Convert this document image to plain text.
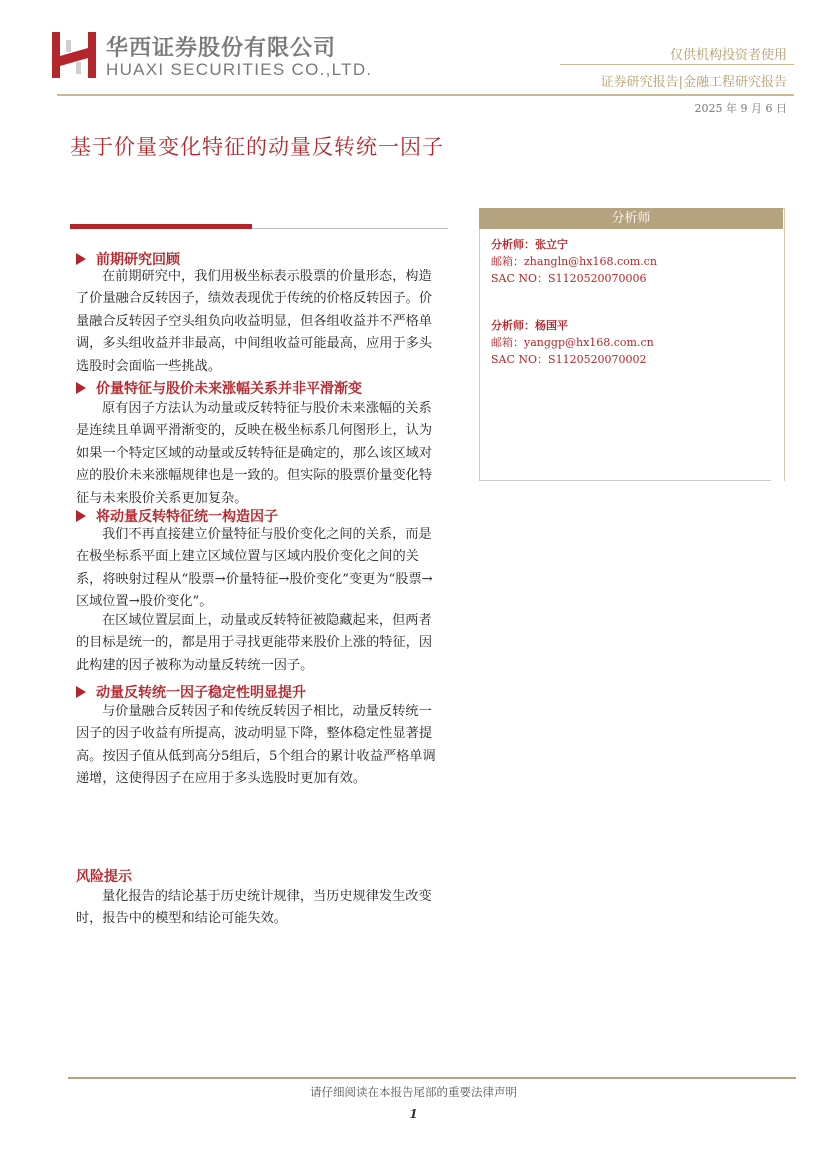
华西证券股份有限公司
HUAXI SECURITIES CO.,LTD.
仅供机构投资者使用
证券研究报告|金融工程研究报告
2025 年 9 月 6 日
基于价量变化特征的动量反转统一因子
前期研究回顾
在前期研究中，我们用极坐标表示股票的价量形态，构造了价量融合反转因子，绩效表现优于传统的价格反转因子。价量融合反转因子空头组负向收益明显，但各组收益并不严格单调，多头组收益并非最高，中间组收益可能最高，应用于多头选股时会面临一些挑战。
价量特征与股价未来涨幅关系并非平滑渐变
原有因子方法认为动量或反转特征与股价未来涨幅的关系是连续且单调平滑渐变的，反映在极坐标系几何图形上，认为如果一个特定区域的动量或反转特征是确定的，那么该区域对应的股价未来涨幅规律也是一致的。但实际的股票价量变化特征与未来股价关系更加复杂。
将动量反转特征统一构造因子
我们不再直接建立价量特征与股价变化之间的关系，而是在极坐标系平面上建立区域位置与区域内股价变化之间的关系，将映射过程从“股票→价量特征→股价变化”变更为“股票→区域位置→股价变化”。
在区域位置层面上，动量或反转特征被隐藏起来，但两者的目标是统一的，都是用于寻找更能带来股价上涨的特征，因此构建的因子被称为动量反转统一因子。
动量反转统一因子稳定性明显提升
与价量融合反转因子和传统反转因子相比，动量反转统一因子的因子收益有所提高，波动明显下降，整体稳定性显著提高。按因子值从低到高分5组后，5个组合的累计收益严格单调递增，这使得因子在应用于多头选股时更加有效。
风险提示
量化报告的结论基于历史统计规律，当历史规律发生改变时，报告中的模型和结论可能失效。
分析师
分析师：张立宁
邮箱：zhangln@hx168.com.cn
SAC NO：S1120520070006
分析师：杨国平
邮箱：yanggp@hx168.com.cn
SAC NO：S1120520070002
请仔细阅读在本报告尾部的重要法律声明
1
